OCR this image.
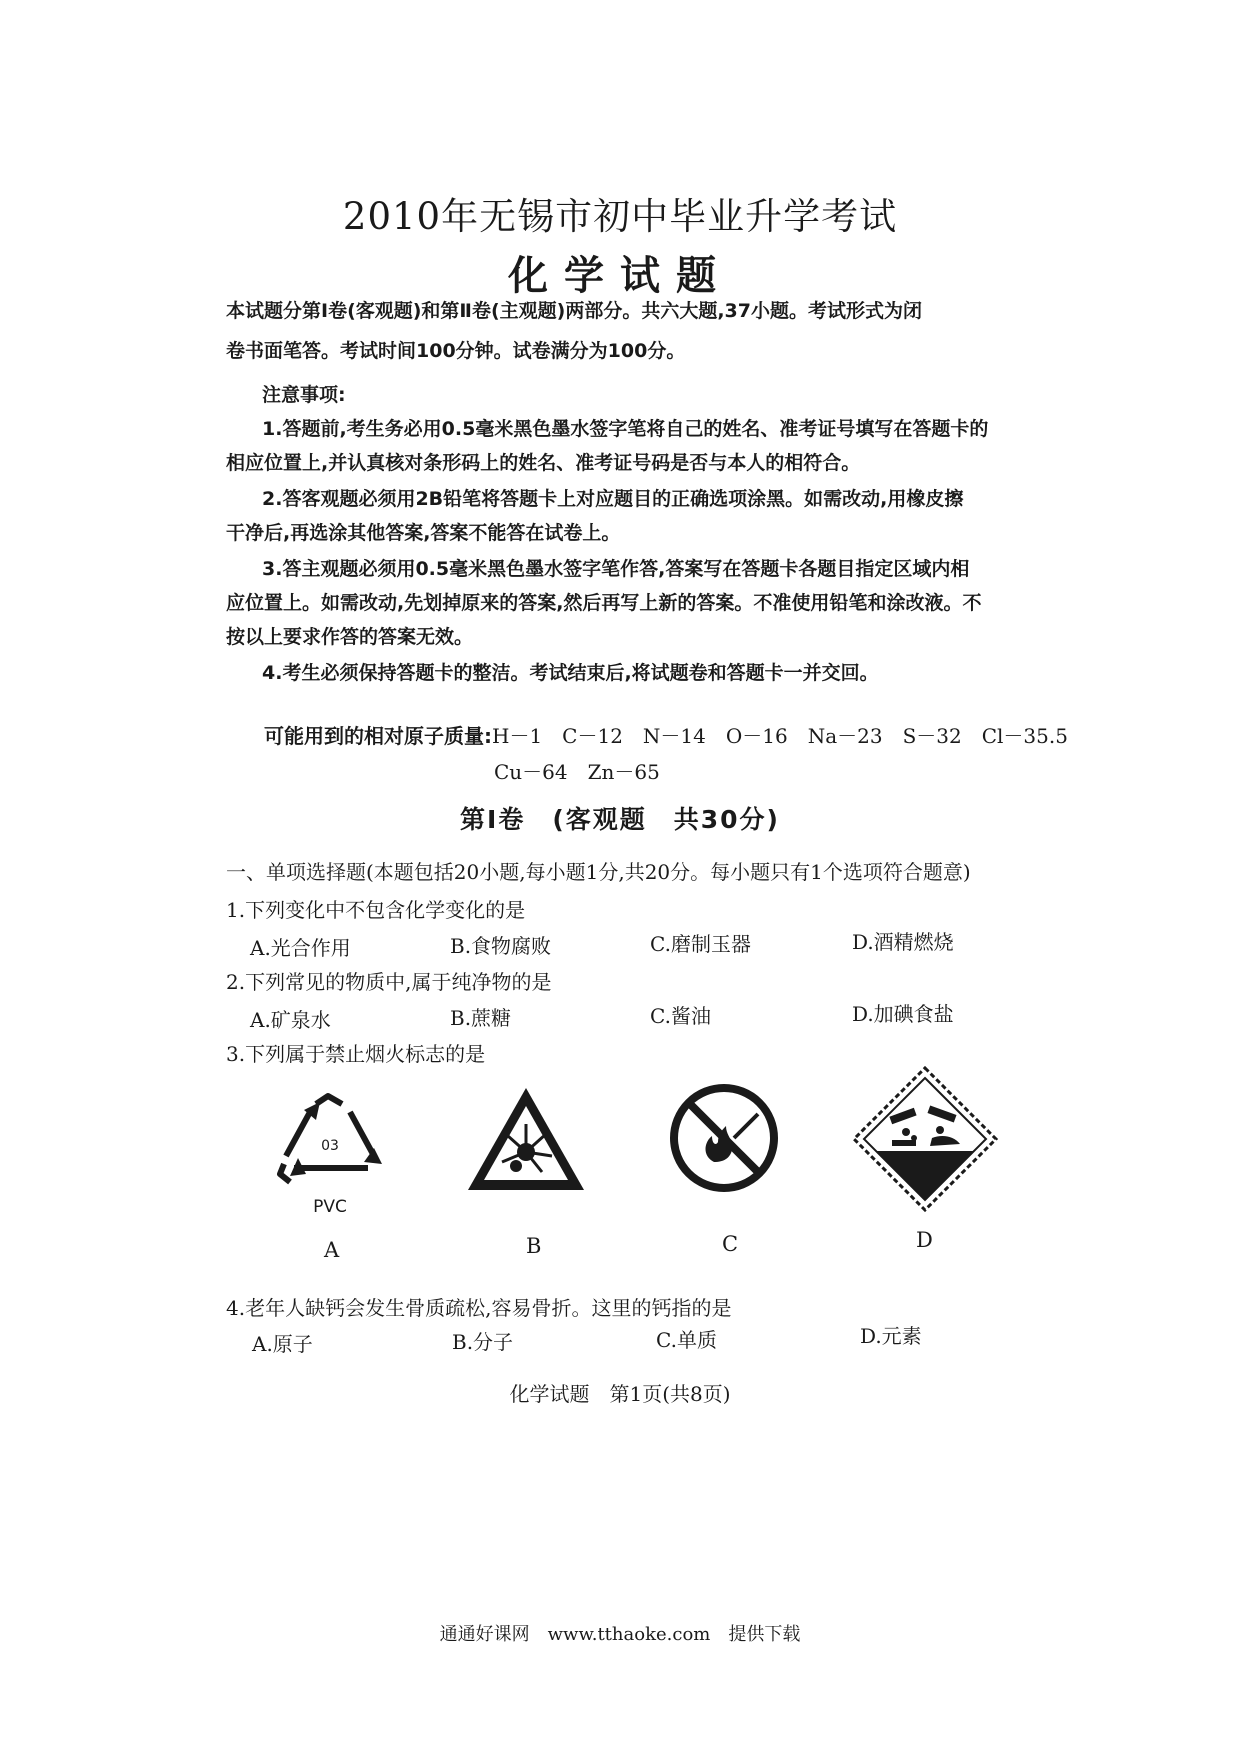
2010年无锡市初中毕业升学考试
化学试题
本试题分第Ⅰ卷(客观题)和第Ⅱ卷(主观题)两部分。共六大题,37小题。考试形式为闭
卷书面笔答。考试时间100分钟。试卷满分为100分。
注意事项:
1.答题前,考生务必用0.5毫米黑色墨水签字笔将自己的姓名、准考证号填写在答题卡的
相应位置上,并认真核对条形码上的姓名、准考证号码是否与本人的相符合。
2.答客观题必须用2B铅笔将答题卡上对应题目的正确选项涂黑。如需改动,用橡皮擦
干净后,再选涂其他答案,答案不能答在试卷上。
3.答主观题必须用0.5毫米黑色墨水签字笔作答,答案写在答题卡各题目指定区域内相
应位置上。如需改动,先划掉原来的答案,然后再写上新的答案。不准使用铅笔和涂改液。不
按以上要求作答的答案无效。
4.考生必须保持答题卡的整洁。考试结束后,将试题卷和答题卡一并交回。
可能用到的相对原子质量:H－1　C－12　N－14　O－16　Na－23　S－32　Cl－35.5
Cu－64　Zn－65
第Ⅰ卷　(客观题　共30分)
一、单项选择题(本题包括20小题,每小题1分,共20分。每小题只有1个选项符合题意)
1.下列变化中不包含化学变化的是
A.光合作用	B.食物腐败	C.磨制玉器	D.酒精燃烧
2.下列常见的物质中,属于纯净物的是
A.矿泉水	B.蔗糖	C.酱油	D.加碘食盐
3.下列属于禁止烟火标志的是
03
PVC
A	B	C	D
4.老年人缺钙会发生骨质疏松,容易骨折。这里的钙指的是
A.原子	B.分子	C.单质	D.元素
化学试题　第1页(共8页)
通通好课网　www.tthaoke.com　提供下载
